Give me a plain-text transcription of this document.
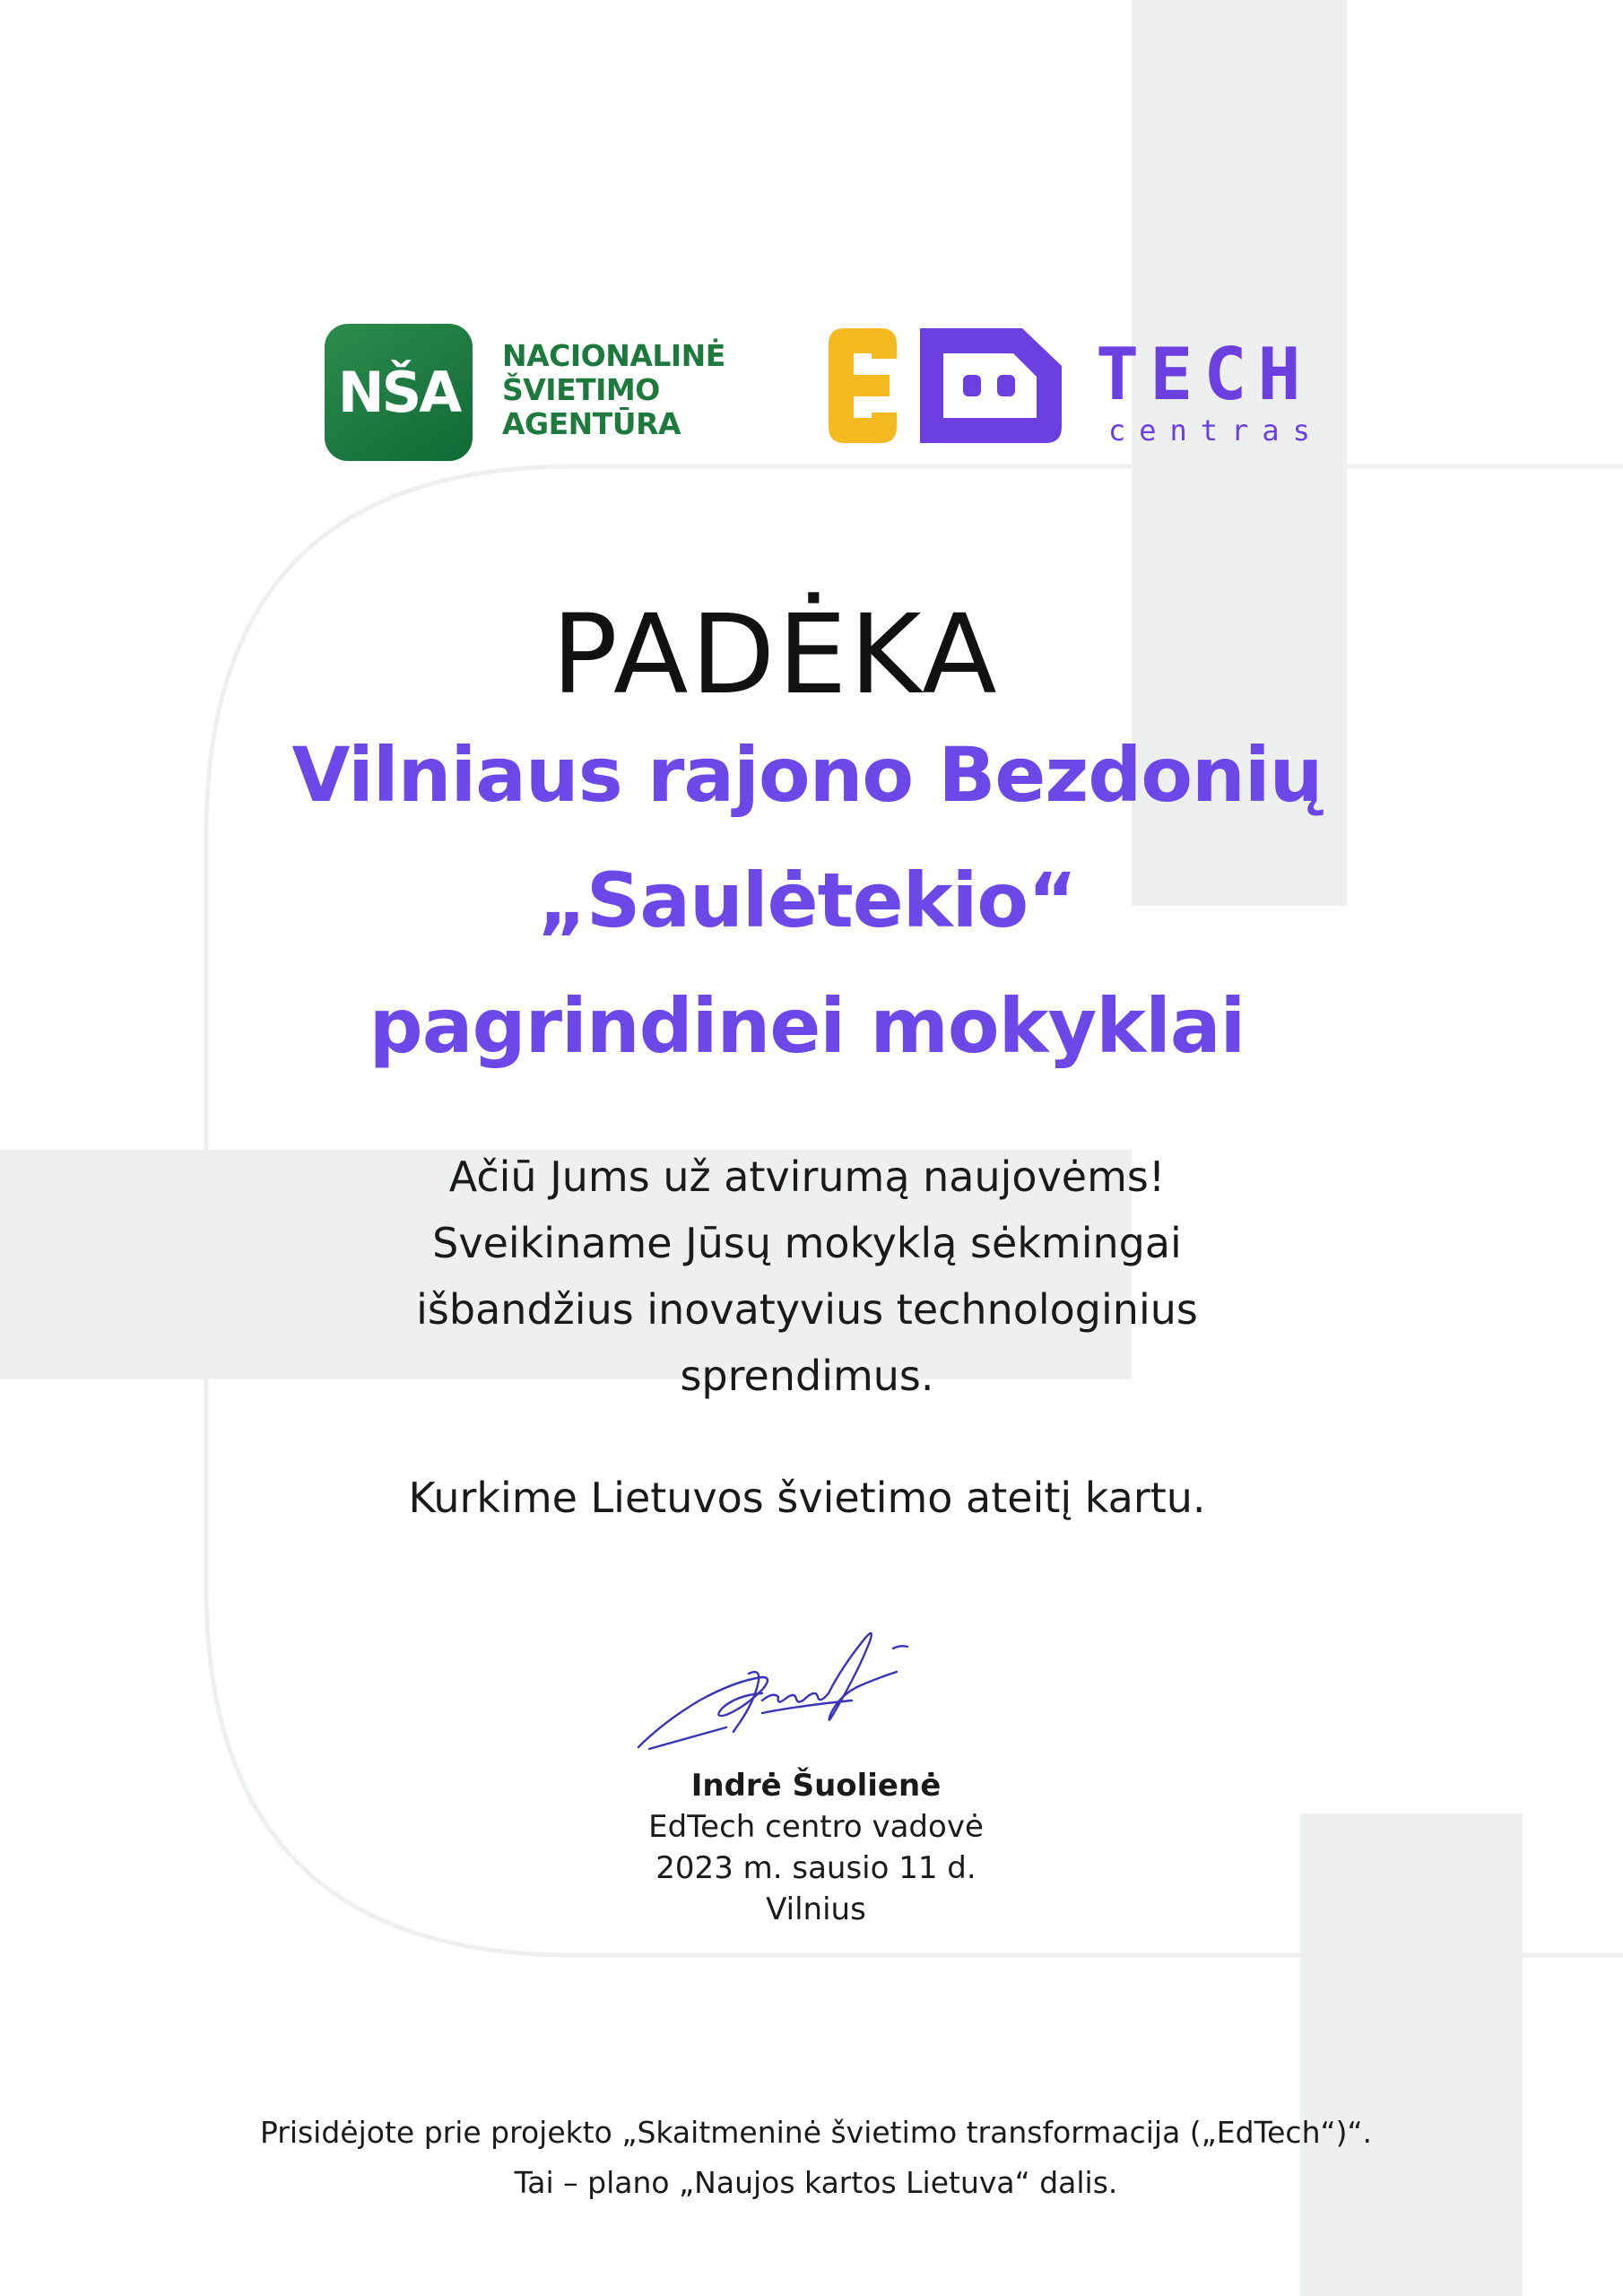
NŠA
NACIONALINĖ
ŠVIETIMO
AGENTŪRA
TECH
centras
PADĖKA
Vilniaus rajono Bezdonių
„Saulėtekio“
pagrindinei mokyklai
Ačiū Jums už atvirumą naujovėms!
Sveikiname Jūsų mokyklą sėkmingai
išbandžius inovatyvius technologinius
sprendimus.
Kurkime Lietuvos švietimo ateitį kartu.
Indrė Šuolienė
EdTech centro vadovė
2023 m. sausio 11 d.
Vilnius
Prisidėjote prie projekto „Skaitmeninė švietimo transformacija („EdTech“)“.
Tai – plano „Naujos kartos Lietuva“ dalis.
